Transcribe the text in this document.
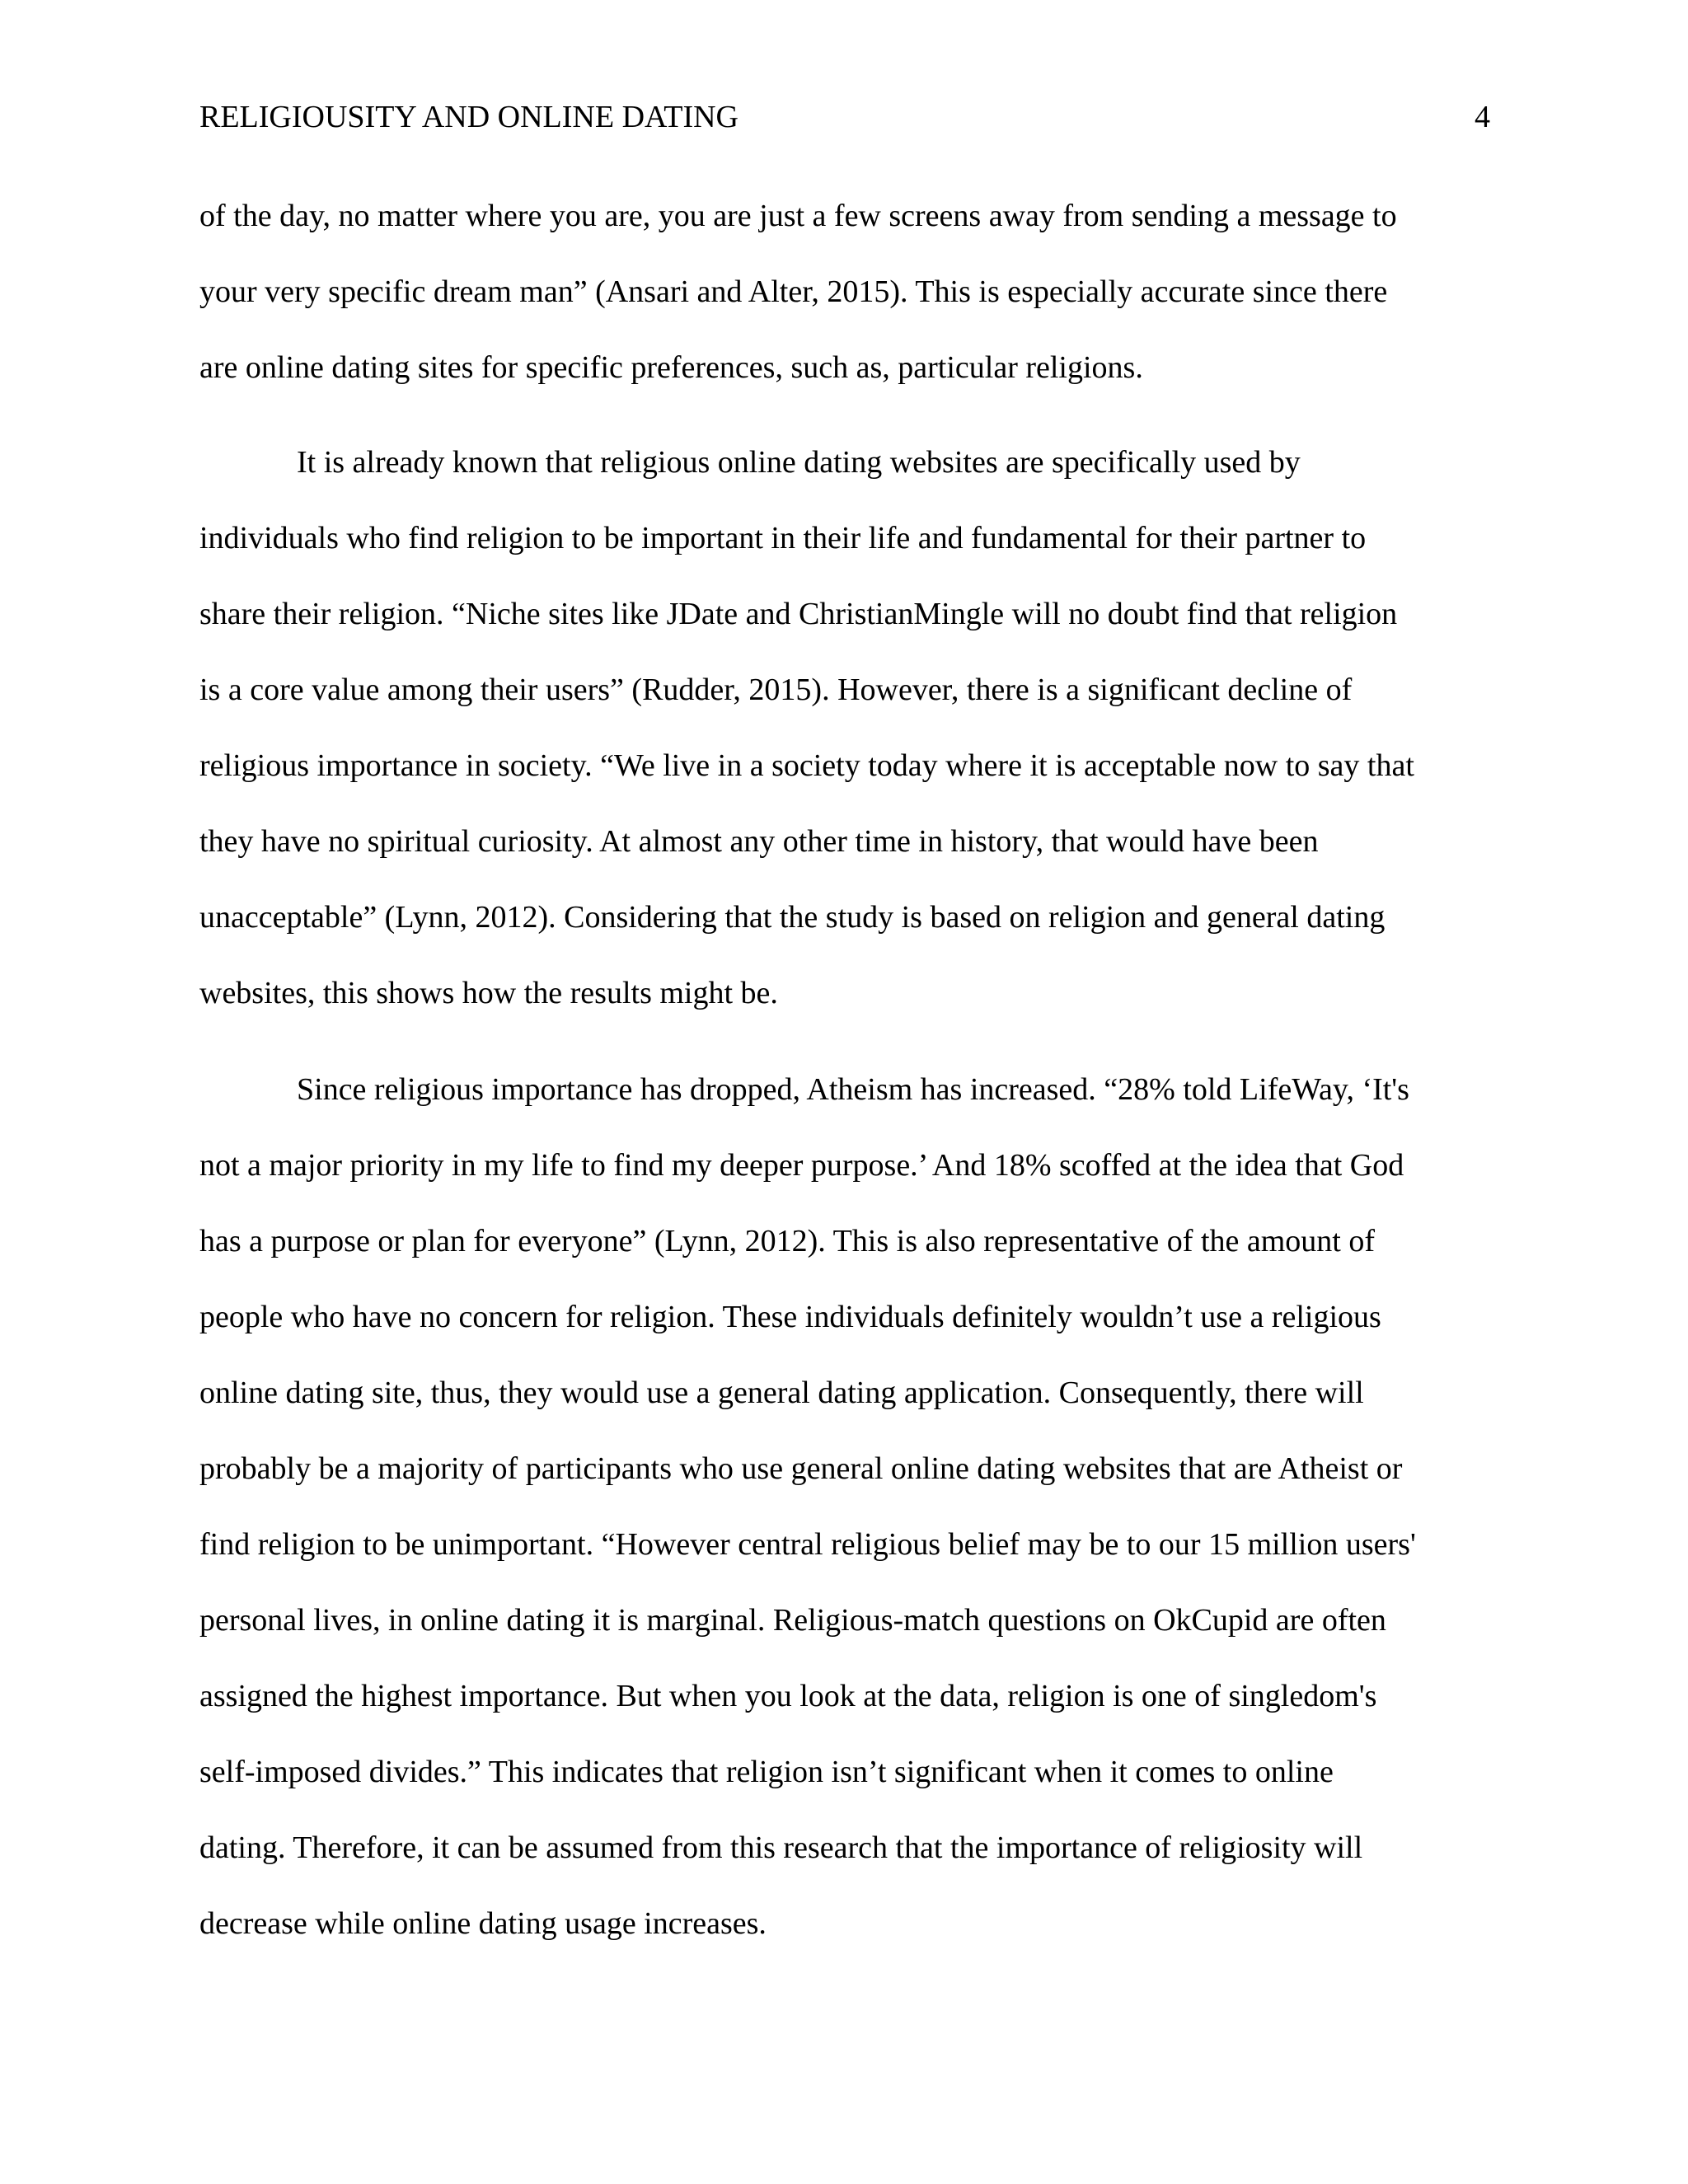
RELIGIOUSITY AND ONLINE DATING	4
of the day, no matter where you are, you are just a few screens away from sending a message to
your very specific dream man” (Ansari and Alter, 2015). This is especially accurate since there
are online dating sites for specific preferences, such as, particular religions.
It is already known that religious online dating websites are specifically used by
individuals who find religion to be important in their life and fundamental for their partner to
share their religion. “Niche sites like JDate and ChristianMingle will no doubt find that religion
is a core value among their users” (Rudder, 2015). However, there is a significant decline of
religious importance in society. “We live in a society today where it is acceptable now to say that
they have no spiritual curiosity. At almost any other time in history, that would have been
unacceptable” (Lynn, 2012). Considering that the study is based on religion and general dating
websites, this shows how the results might be.
Since religious importance has dropped, Atheism has increased. “28% told LifeWay, ‘It's
not a major priority in my life to find my deeper purpose.’ And 18% scoffed at the idea that God
has a purpose or plan for everyone” (Lynn, 2012). This is also representative of the amount of
people who have no concern for religion. These individuals definitely wouldn’t use a religious
online dating site, thus, they would use a general dating application. Consequently, there will
probably be a majority of participants who use general online dating websites that are Atheist or
find religion to be unimportant. “However central religious belief may be to our 15 million users'
personal lives, in online dating it is marginal. Religious-match questions on OkCupid are often
assigned the highest importance. But when you look at the data, religion is one of singledom's
self-imposed divides.” This indicates that religion isn’t significant when it comes to online
dating. Therefore, it can be assumed from this research that the importance of religiosity will
decrease while online dating usage increases.
